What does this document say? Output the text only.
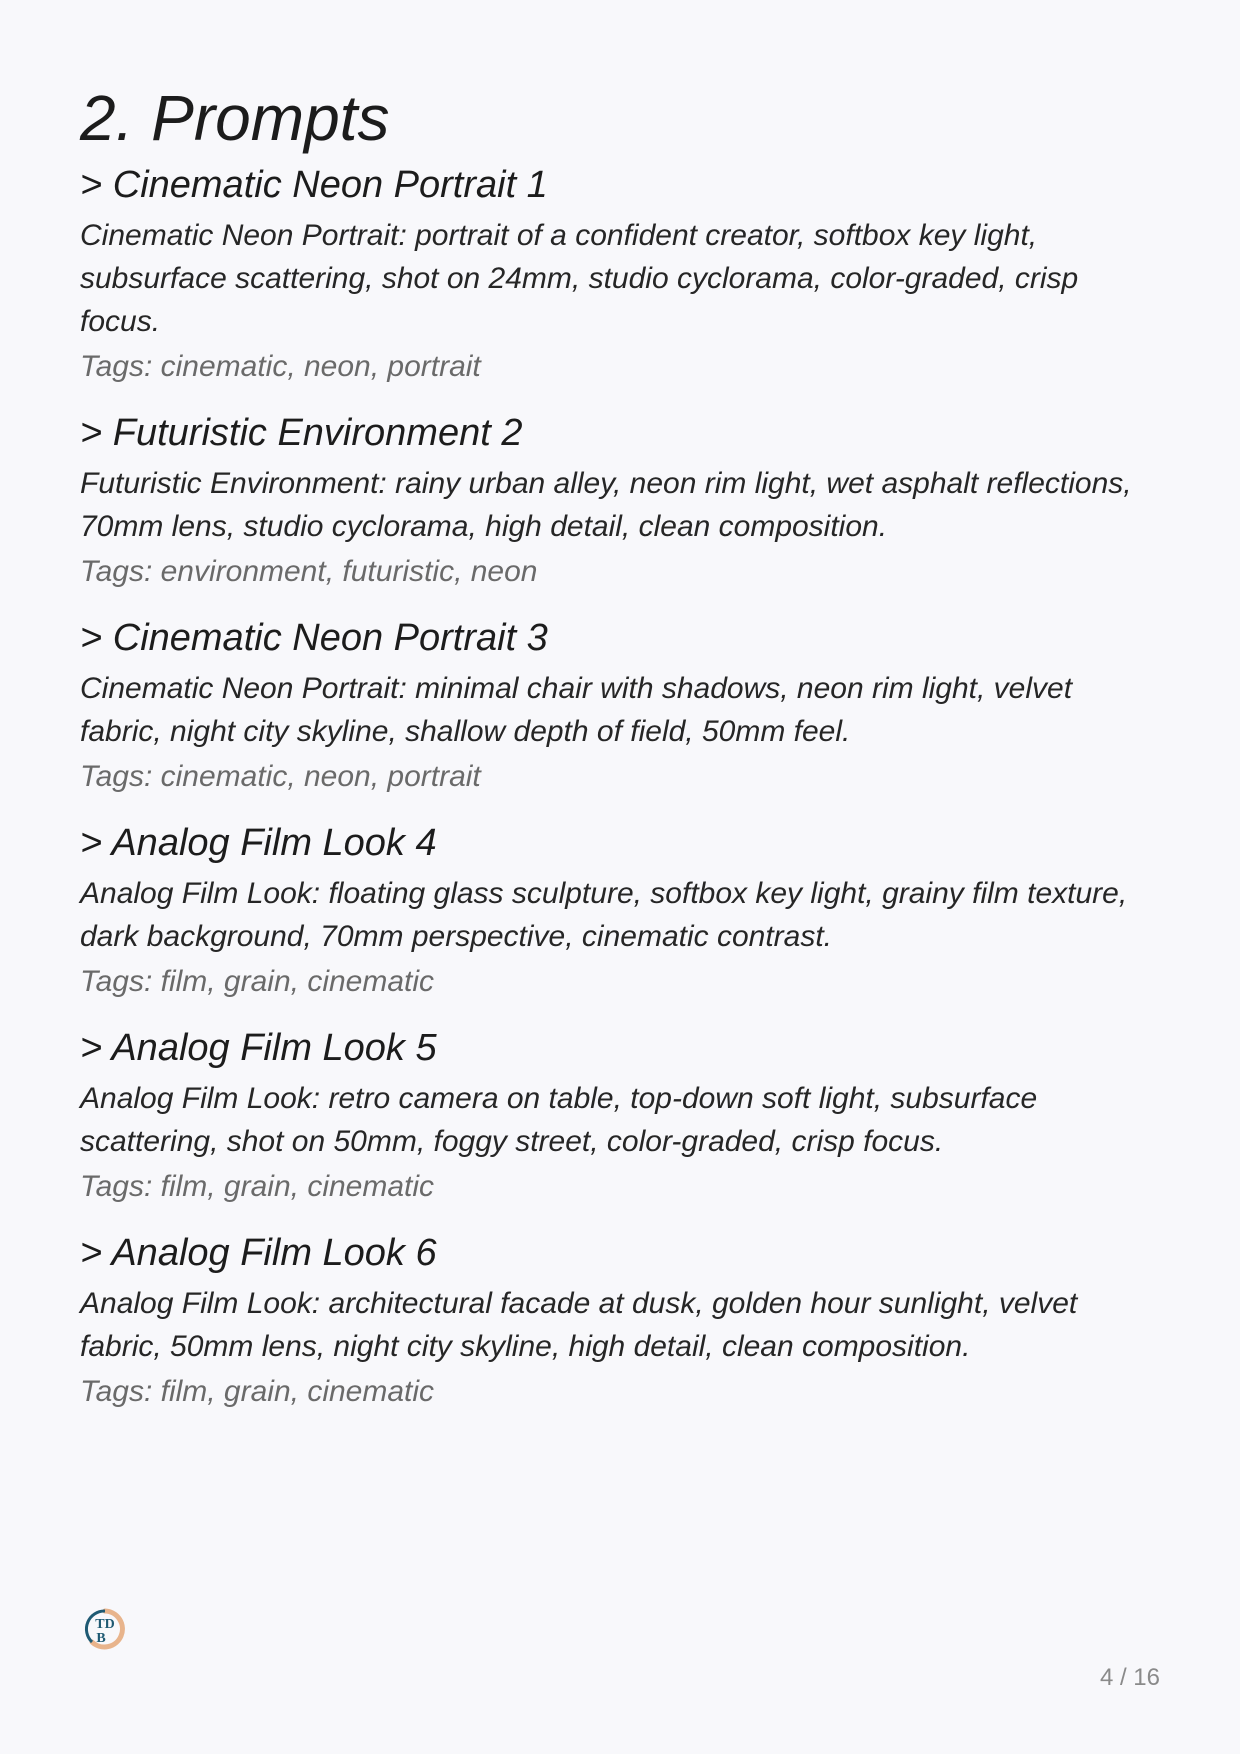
2. Prompts
> Cinematic Neon Portrait 1

Cinematic Neon Portrait: portrait of a confident creator, softbox key light, subsurface scattering, shot on 24mm, studio cyclorama, color-graded, crisp focus.

Tags: cinematic, neon, portrait

> Futuristic Environment 2

Futuristic Environment: rainy urban alley, neon rim light, wet asphalt reflections, 70mm lens, studio cyclorama, high detail, clean composition.

Tags: environment, futuristic, neon

> Cinematic Neon Portrait 3

Cinematic Neon Portrait: minimal chair with shadows, neon rim light, velvet fabric, night city skyline, shallow depth of field, 50mm feel.

Tags: cinematic, neon, portrait

> Analog Film Look 4

Analog Film Look: floating glass sculpture, softbox key light, grainy film texture, dark background, 70mm perspective, cinematic contrast.

Tags: film, grain, cinematic

> Analog Film Look 5

Analog Film Look: retro camera on table, top-down soft light, subsurface scattering, shot on 50mm, foggy street, color-graded, crisp focus.

Tags: film, grain, cinematic

> Analog Film Look 6

Analog Film Look: architectural facade at dusk, golden hour sunlight, velvet fabric, 50mm lens, night city skyline, high detail, clean composition.

Tags: film, grain, cinematic

TD
B
4 / 16
